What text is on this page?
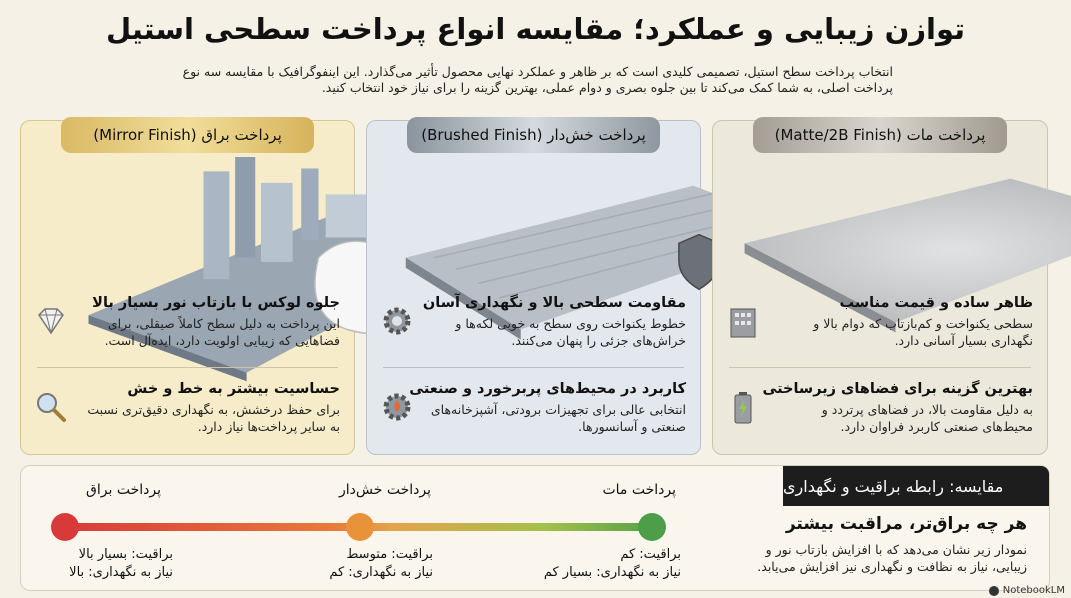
توازن زیبایی و عملکرد؛ مقایسه انواع پرداخت سطحی استیل
انتخاب پرداخت سطح استیل، تصمیمی کلیدی است که بر ظاهر و عملکرد نهایی محصول تأثیر می‌گذارد. این اینفوگرافیک با مقایسه سه نوع پرداخت اصلی، به شما کمک می‌کند تا بین جلوه بصری و دوام عملی، بهترین گزینه را برای نیاز خود انتخاب کنید.
پرداخت براق (Mirror Finish)
جلوه لوکس با بازتاب نور بسیار بالا

این پرداخت به دلیل سطح کاملاً صیقلی، برای فضاهایی که زیبایی اولویت دارد، ایده‌آل است.

حساسیت بیشتر به خط و خش

برای حفظ درخشش، به نگهداری دقیق‌تری نسبت به سایر پرداخت‌ها نیاز دارد.

پرداخت خش‌دار (Brushed Finish)
مقاومت سطحی بالا و نگهداری آسان

خطوط یکنواخت روی سطح به خوبی لکه‌ها و خراش‌های جزئی را پنهان می‌کنند.

کاربرد در محیط‌های پربرخورد و صنعتی

انتخابی عالی برای تجهیزات برودتی، آشپزخانه‌های صنعتی و آسانسورها.

پرداخت مات (Matte/2B Finish)
ظاهر ساده و قیمت مناسب

سطحی یکنواخت و کم‌بازتاب که دوام بالا و نگهداری بسیار آسانی دارد.

بهترین گزینه برای فضاهای زیرساختی

به دلیل مقاومت بالا، در فضاهای پرتردد و محیط‌های صنعتی کاربرد فراوان دارد.

پرداخت براق	پرداخت خش‌دار	پرداخت مات
براقیت: بسیار بالا
نیاز به نگهداری: بالا
براقیت: متوسط
نیاز به نگهداری: کم
براقیت: کم
نیاز به نگهداری: بسیار کم
مقایسه: رابطه براقیت و نگهداری
هر چه براق‌تر، مراقبت بیشتر
نمودار زیر نشان می‌دهد که با افزایش بازتاب نور و زیبایی، نیاز به نظافت و نگهداری نیز افزایش می‌یابد.
NotebookLM
